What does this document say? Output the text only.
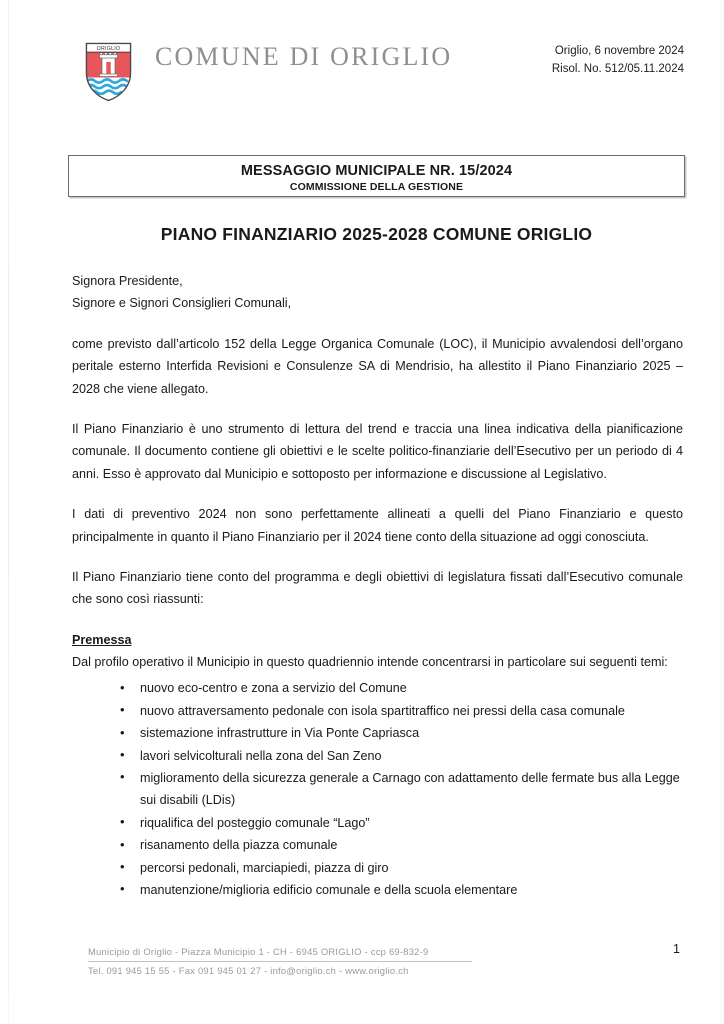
ORIGLIO COMUNE DI ORIGLIO	Origlio, 6 novembre 2024
Risol. No. 512/05.11.2024
MESSAGGIO MUNICIPALE NR. 15/2024
COMMISSIONE DELLA GESTIONE
PIANO FINANZIARIO 2025-2028 COMUNE ORIGLIO

Signora Presidente,

Signore e Signori Consiglieri Comunali,

come previsto dall’articolo 152 della Legge Organica Comunale (LOC), il Municipio avvalendosi dell’organo peritale esterno Interfida Revisioni e Consulenze SA di Mendrisio, ha allestito il Piano Finanziario 2025 – 2028 che viene allegato.

Il Piano Finanziario è uno strumento di lettura del trend e traccia una linea indicativa della pianificazione comunale. Il documento contiene gli obiettivi e le scelte politico-finanziarie dell’Esecutivo per un periodo di 4 anni. Esso è approvato dal Municipio e sottoposto per informazione e discussione al Legislativo.

I dati di preventivo 2024 non sono perfettamente allineati a quelli del Piano Finanziario e questo principalmente in quanto il Piano Finanziario per il 2024 tiene conto della situazione ad oggi conosciuta.

Il Piano Finanziario tiene conto del programma e degli obiettivi di legislatura fissati dall’Esecutivo comunale che sono così riassunti:

Premessa

Dal profilo operativo il Municipio in questo quadriennio intende concentrarsi in particolare sui seguenti temi:

• nuovo eco-centro e zona a servizio del Comune
• nuovo attraversamento pedonale con isola spartitraffico nei pressi della casa comunale
• sistemazione infrastrutture in Via Ponte Capriasca
• lavori selvicolturali nella zona del San Zeno
• miglioramento della sicurezza generale a Carnago con adattamento delle fermate bus alla Legge sui disabili (LDis)
• riqualifica del posteggio comunale “Lago”
• risanamento della piazza comunale
• percorsi pedonali, marciapiedi, piazza di giro
• manutenzione/miglioria edificio comunale e della scuola elementare
Municipio di Origlio - Piazza Municipio 1 - CH - 6945 ORIGLIO - ccp 69-832-9
Tel. 091 945 15 55 - Fax 091 945 01 27 - info@origlio.ch - www.origlio.ch
1
